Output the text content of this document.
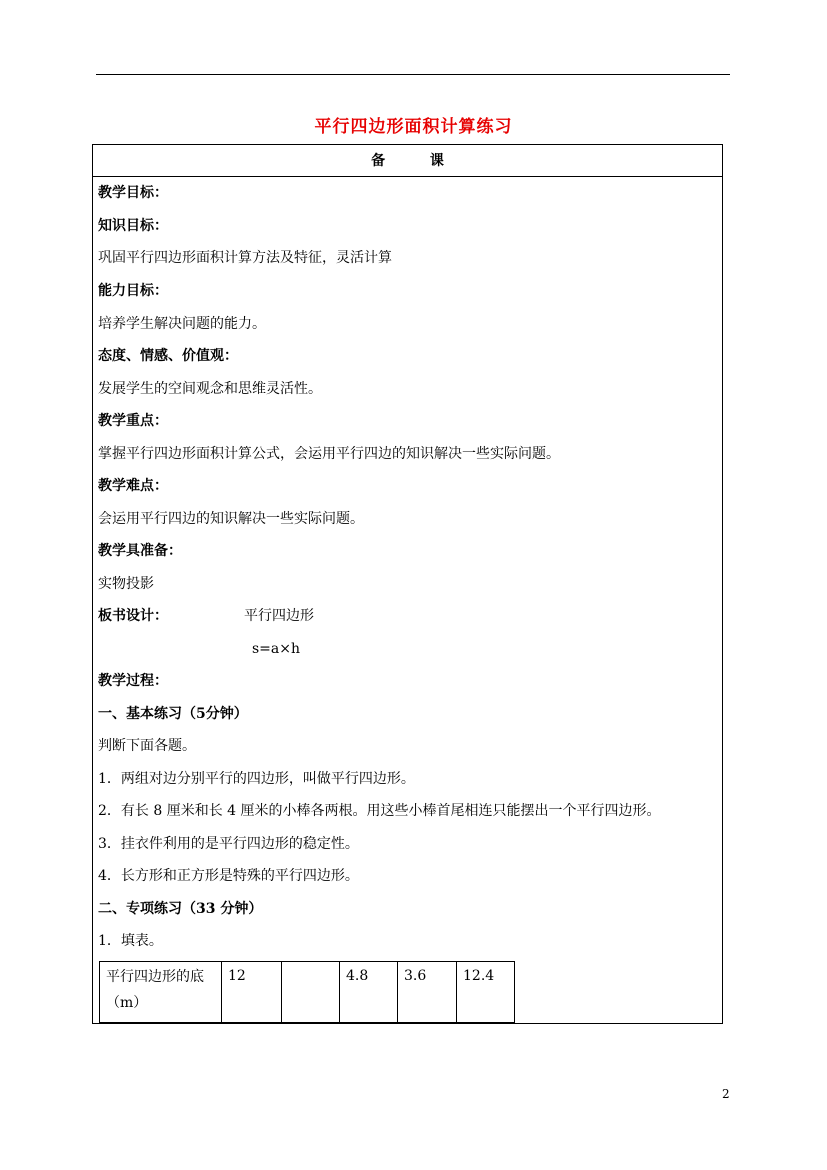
平行四边形面积计算练习
备 课
教学目标：
知识目标：
巩固平行四边形面积计算方法及特征，灵活计算
能力目标：
培养学生解决问题的能力。
态度、情感、价值观：
发展学生的空间观念和思维灵活性。
教学重点：
掌握平行四边形面积计算公式，会运用平行四边的知识解决一些实际问题。
教学难点：
会运用平行四边的知识解决一些实际问题。
教学具准备：
实物投影
板书设计：	平行四边形
s=a×h
教学过程：
一、基本练习（5分钟）
判断下面各题。
1．两组对边分别平行的四边形，叫做平行四边形。
2．有长 8 厘米和长 4 厘米的小棒各两根。用这些小棒首尾相连只能摆出一个平行四边形。
3．挂衣件利用的是平行四边形的稳定性。
4．长方形和正方形是特殊的平行四边形。
二、专项练习（33 分钟）
1．填表。
平行四边形的底（m）	12		4.8	3.6	12.4
2
